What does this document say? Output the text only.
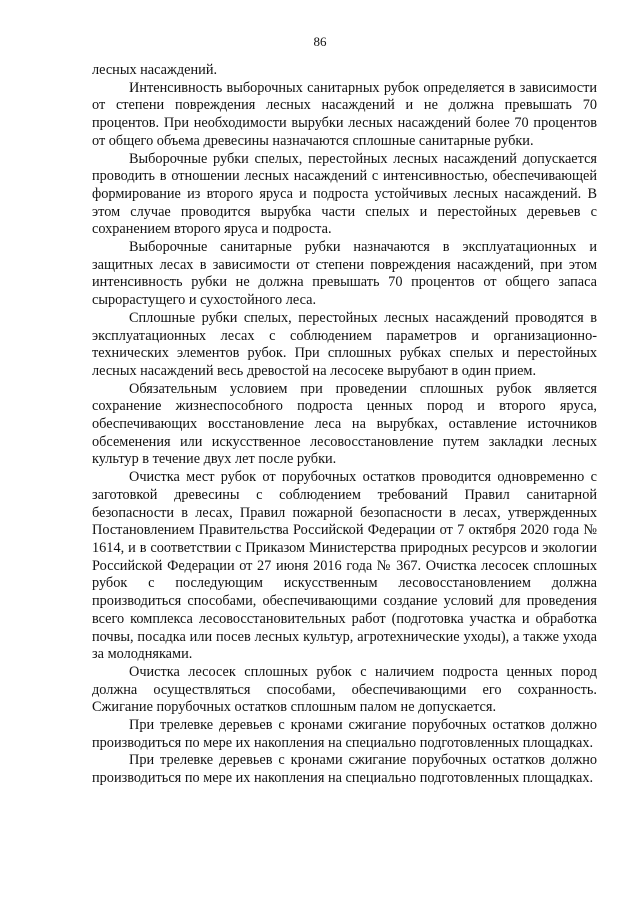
86

лесных насаждений.

Интенсивность выборочных санитарных рубок определяется в зависимости от степени повреждения лесных насаждений и не должна превышать 70 процентов. При необходимости вырубки лесных насаждений более 70 процентов от общего объема древесины назначаются сплошные санитарные рубки.

Выборочные рубки спелых, перестойных лесных насаждений допускается проводить в отношении лесных насаждений с интенсивностью, обеспечивающей формирование из второго яруса и подроста устойчивых лесных насаждений. В этом случае проводится вырубка части спелых и перестойных деревьев с сохранением второго яруса и подроста.

Выборочные санитарные рубки назначаются в эксплуатационных и защитных лесах в зависимости от степени повреждения насаждений, при этом интенсивность рубки не должна превышать 70 процентов от общего запаса сырорастущего и сухостойного леса.

Сплошные рубки спелых, перестойных лесных насаждений проводятся в эксплуатационных лесах с соблюдением параметров и организационно-технических элементов рубок. При сплошных рубках спелых и перестойных лесных насаждений весь древостой на лесосеке вырубают в один прием.

Обязательным условием при проведении сплошных рубок является сохранение жизнеспособного подроста ценных пород и второго яруса, обеспечивающих восстановление леса на вырубках, оставление источников обсеменения или искусственное лесовосстановление путем закладки лесных культур в течение двух лет после рубки.

Очистка мест рубок от порубочных остатков проводится одновременно с заготовкой древесины с соблюдением требований Правил санитарной безопасности в лесах, Правил пожарной безопасности в лесах, утвержденных Постановлением Правительства Российской Федерации от 7 октября 2020 года № 1614, и в соответствии с Приказом Министерства природных ресурсов и экологии Российской Федерации от 27 июня 2016 года № 367. Очистка лесосек сплошных рубок с последующим искусственным лесовосстановлением должна производиться способами, обеспечивающими создание условий для проведения всего комплекса лесовосстановительных работ (подготовка участка и обработка почвы, посадка или посев лесных культур, агротехнические уходы), а также ухода за молодняками.

Очистка лесосек сплошных рубок с наличием подроста ценных пород должна осуществляться способами, обеспечивающими его сохранность. Сжигание порубочных остатков сплошным палом не допускается.

При трелевке деревьев с кронами сжигание порубочных остатков должно производиться по мере их накопления на специально подготовленных площадках.

При трелевке деревьев с кронами сжигание порубочных остатков должно производиться по мере их накопления на специально подготовленных площадках.
